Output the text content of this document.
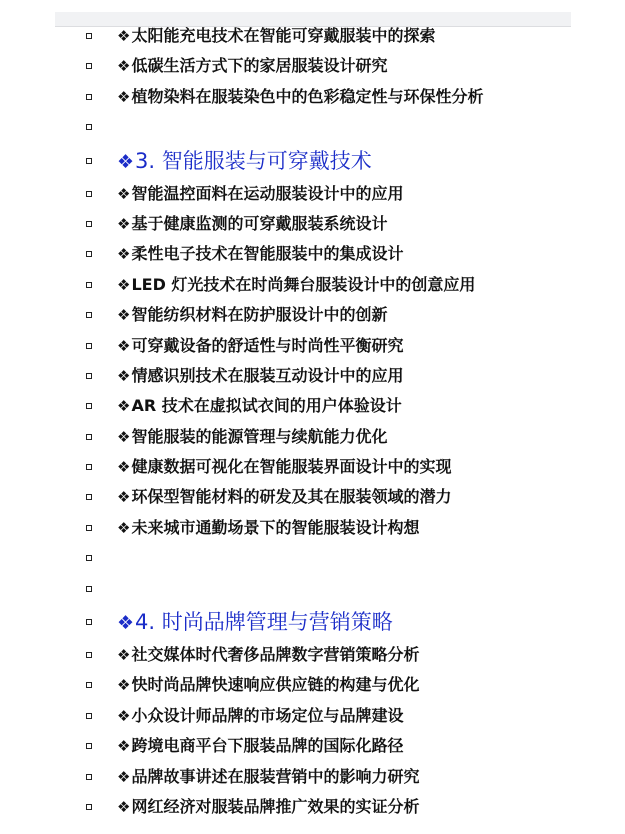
❖太阳能充电技术在智能可穿戴服装中的探索
❖低碳生活方式下的家居服装设计研究
❖植物染料在服装染色中的色彩稳定性与环保性分析
❖3. 智能服装与可穿戴技术
❖智能温控面料在运动服装设计中的应用
❖基于健康监测的可穿戴服装系统设计
❖柔性电子技术在智能服装中的集成设计
❖LED 灯光技术在时尚舞台服装设计中的创意应用
❖智能纺织材料在防护服设计中的创新
❖可穿戴设备的舒适性与时尚性平衡研究
❖情感识别技术在服装互动设计中的应用
❖AR 技术在虚拟试衣间的用户体验设计
❖智能服装的能源管理与续航能力优化
❖健康数据可视化在智能服装界面设计中的实现
❖环保型智能材料的研发及其在服装领域的潜力
❖未来城市通勤场景下的智能服装设计构想
❖4. 时尚品牌管理与营销策略
❖社交媒体时代奢侈品牌数字营销策略分析
❖快时尚品牌快速响应供应链的构建与优化
❖小众设计师品牌的市场定位与品牌建设
❖跨境电商平台下服装品牌的国际化路径
❖品牌故事讲述在服装营销中的影响力研究
❖网红经济对服装品牌推广效果的实证分析
